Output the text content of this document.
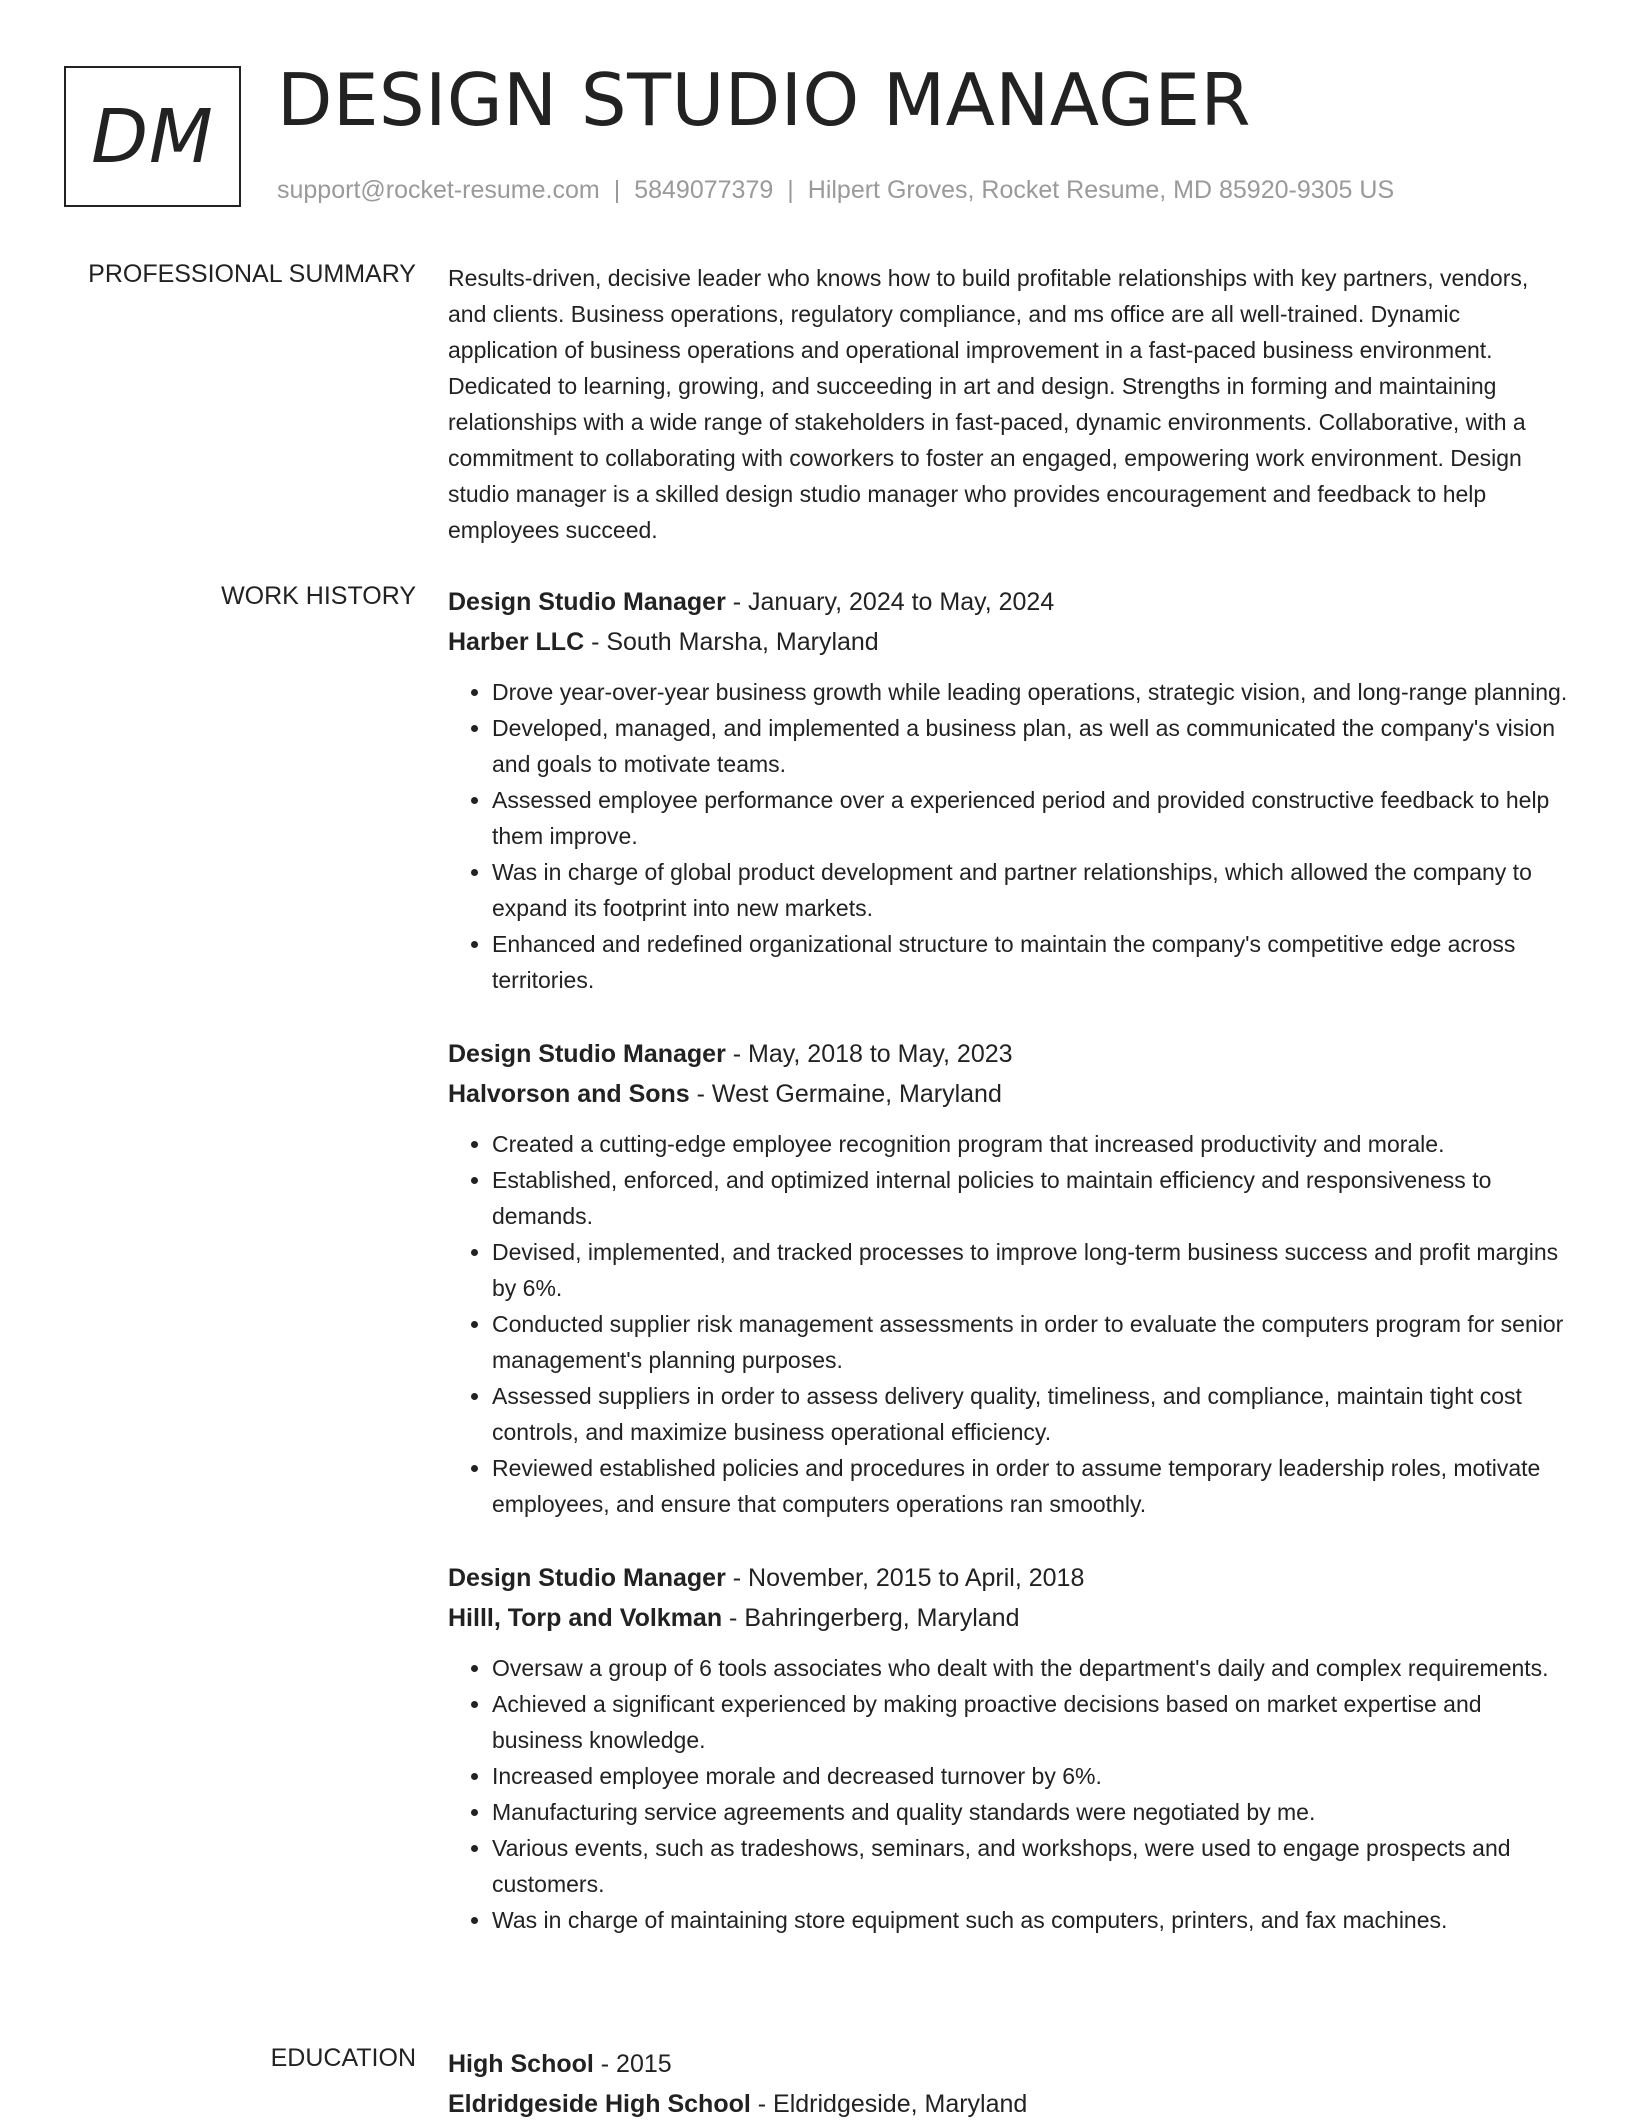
DM DESIGN STUDIO MANAGER
support@rocket-resume.com | 5849077379 | Hilpert Groves, Rocket Resume, MD 85920-9305 US
PROFESSIONAL SUMMARY Results-driven, decisive leader who knows how to build profitable relationships with key partners, vendors, and clients. Business operations, regulatory compliance, and ms office are all well-trained. Dynamic application of business operations and operational improvement in a fast-paced business environment. Dedicated to learning, growing, and succeeding in art and design. Strengths in forming and maintaining relationships with a wide range of stakeholders in fast-paced, dynamic environments. Collaborative, with a commitment to collaborating with coworkers to foster an engaged, empowering work environment. Design studio manager is a skilled design studio manager who provides encouragement and feedback to help employees succeed.

WORK HISTORY Design Studio Manager - January, 2024 to May, 2024
Harber LLC - South Marsha, Maryland
• Drove year-over-year business growth while leading operations, strategic vision, and long-range planning.
• Developed, managed, and implemented a business plan, as well as communicated the company's vision and goals to motivate teams.
• Assessed employee performance over a experienced period and provided constructive feedback to help them improve.
• Was in charge of global product development and partner relationships, which allowed the company to expand its footprint into new markets.
• Enhanced and redefined organizational structure to maintain the company's competitive edge across territories.
Design Studio Manager - May, 2018 to May, 2023
Halvorson and Sons - West Germaine, Maryland
• Created a cutting-edge employee recognition program that increased productivity and morale.
• Established, enforced, and optimized internal policies to maintain efficiency and responsiveness to demands.
• Devised, implemented, and tracked processes to improve long-term business success and profit margins by 6%.
• Conducted supplier risk management assessments in order to evaluate the computers program for senior management's planning purposes.
• Assessed suppliers in order to assess delivery quality, timeliness, and compliance, maintain tight cost controls, and maximize business operational efficiency.
• Reviewed established policies and procedures in order to assume temporary leadership roles, motivate employees, and ensure that computers operations ran smoothly.
Design Studio Manager - November, 2015 to April, 2018
Hilll, Torp and Volkman - Bahringerberg, Maryland
• Oversaw a group of 6 tools associates who dealt with the department's daily and complex requirements.
• Achieved a significant experienced by making proactive decisions based on market expertise and business knowledge.
• Increased employee morale and decreased turnover by 6%.
• Manufacturing service agreements and quality standards were negotiated by me.
• Various events, such as tradeshows, seminars, and workshops, were used to engage prospects and customers.
• Was in charge of maintaining store equipment such as computers, printers, and fax machines.
EDUCATION High School - 2015
Eldridgeside High School - Eldridgeside, Maryland
